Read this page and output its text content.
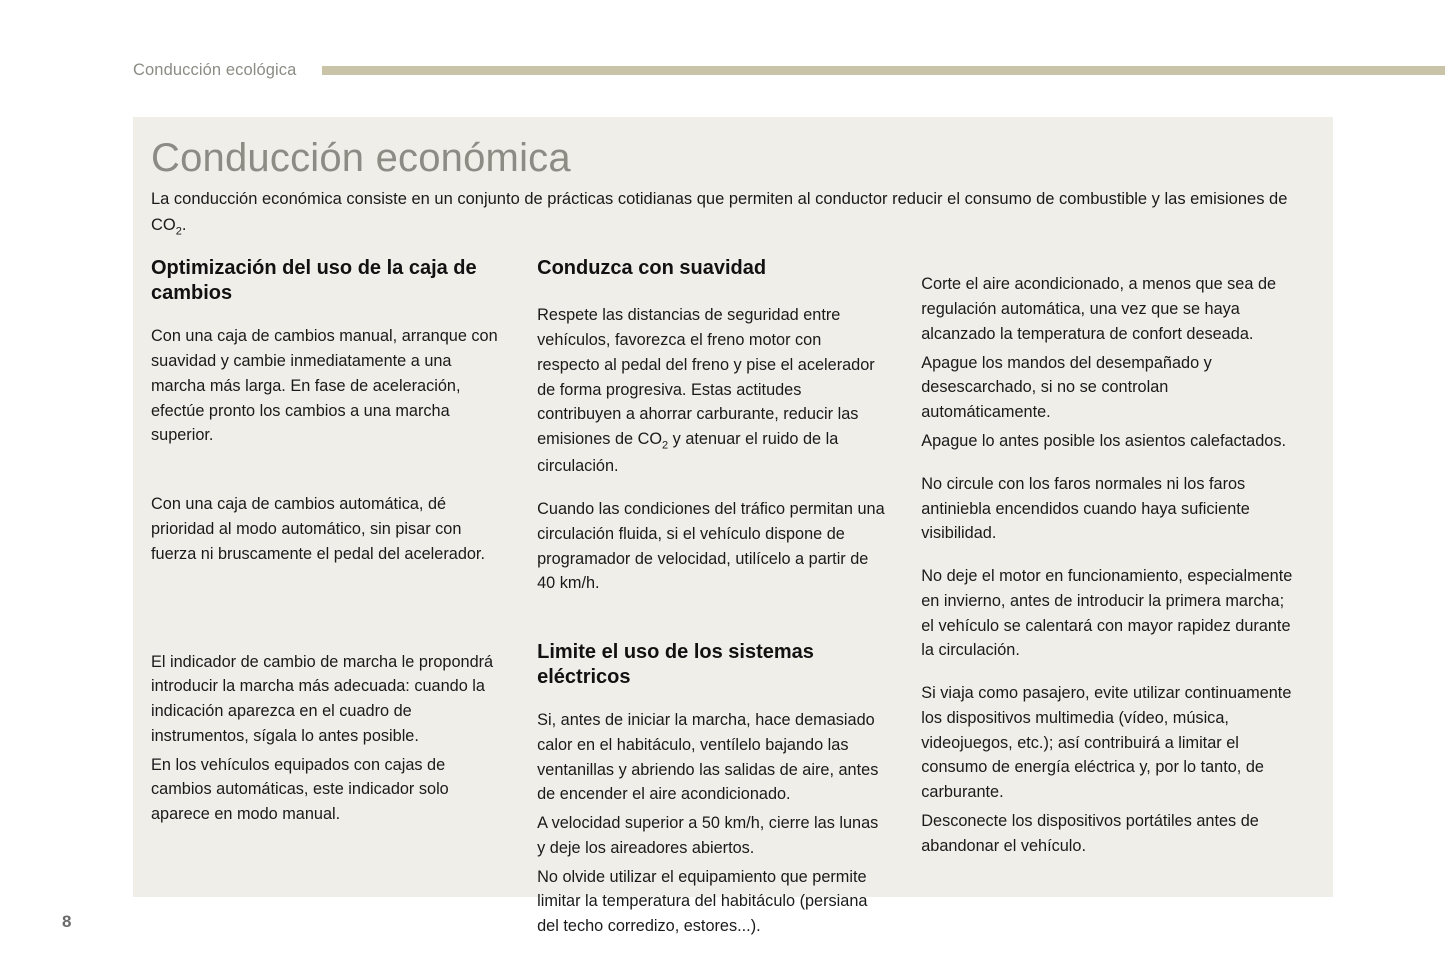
Conducción ecológica
Conducción económica

La conducción económica consiste en un conjunto de prácticas cotidianas que permiten al conductor reducir el consumo de combustible y las emisiones de $CO_2$.

Optimización del uso de la caja de cambios

Con una caja de cambios manual, arranque con suavidad y cambie inmediatamente a una marcha más larga. En fase de aceleración, efectúe pronto los cambios a una marcha superior.

Con una caja de cambios automática, dé prioridad al modo automático, sin pisar con fuerza ni bruscamente el pedal del acelerador.

El indicador de cambio de marcha le propondrá introducir la marcha más adecuada: cuando la indicación aparezca en el cuadro de instrumentos, sígala lo antes posible.

En los vehículos equipados con cajas de cambios automáticas, este indicador solo aparece en modo manual.

Conduzca con suavidad

Respete las distancias de seguridad entre vehículos, favorezca el freno motor con respecto al pedal del freno y pise el acelerador de forma progresiva. Estas actitudes contribuyen a ahorrar carburante, reducir las emisiones de $CO_2$ y atenuar el ruido de la circulación.

Cuando las condiciones del tráfico permitan una circulación fluida, si el vehículo dispone de programador de velocidad, utilícelo a partir de 40 km/h.

Limite el uso de los sistemas eléctricos

Si, antes de iniciar la marcha, hace demasiado calor en el habitáculo, ventílelo bajando las ventanillas y abriendo las salidas de aire, antes de encender el aire acondicionado.

A velocidad superior a 50 km/h, cierre las lunas y deje los aireadores abiertos.

No olvide utilizar el equipamiento que permite limitar la temperatura del habitáculo (persiana del techo corredizo, estores...).

Corte el aire acondicionado, a menos que sea de regulación automática, una vez que se haya alcanzado la temperatura de confort deseada.

Apague los mandos del desempañado y desescarchado, si no se controlan automáticamente.

Apague lo antes posible los asientos calefactados.

No circule con los faros normales ni los faros antiniebla encendidos cuando haya suficiente visibilidad.

No deje el motor en funcionamiento, especialmente en invierno, antes de introducir la primera marcha; el vehículo se calentará con mayor rapidez durante la circulación.

Si viaja como pasajero, evite utilizar continuamente los dispositivos multimedia (vídeo, música, videojuegos, etc.); así contribuirá a limitar el consumo de energía eléctrica y, por lo tanto, de carburante.

Desconecte los dispositivos portátiles antes de abandonar el vehículo.

8
